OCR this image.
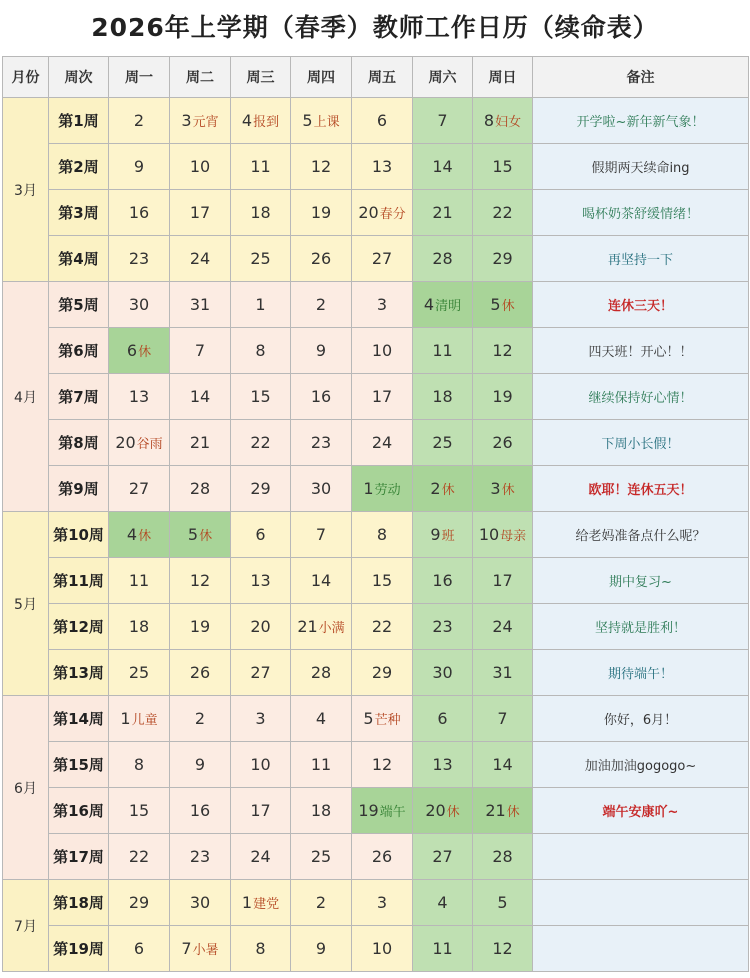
2026年上学期（春季）教师工作日历（续命表）
月份	周次	周一	周二	周三	周四	周五	周六	周日	备注
3月	第1周	2	3元宵	4报到	5上课	6	7	8妇女	开学啦~新年新气象！
	第2周	9	10	11	12	13	14	15	假期两天续命ing
	第3周	16	17	18	19	20春分	21	22	喝杯奶茶舒缓情绪！
	第4周	23	24	25	26	27	28	29	再坚持一下
4月	第5周	30	31	1	2	3	4清明	5休	连休三天！
	第6周	6休	7	8	9	10	11	12	四天班！开心！！
	第7周	13	14	15	16	17	18	19	继续保持好心情！
	第8周	20谷雨	21	22	23	24	25	26	下周小长假！
	第9周	27	28	29	30	1劳动	2休	3休	欧耶！连休五天！
5月	第10周	4休	5休	6	7	8	9班	10母亲	给老妈准备点什么呢？
	第11周	11	12	13	14	15	16	17	期中复习~
	第12周	18	19	20	21小满	22	23	24	坚持就是胜利！
	第13周	25	26	27	28	29	30	31	期待端午！
6月	第14周	1儿童	2	3	4	5芒种	6	7	你好，6月！
	第15周	8	9	10	11	12	13	14	加油加油gogogo~
	第16周	15	16	17	18	19端午	20休	21休	端午安康吖~
	第17周	22	23	24	25	26	27	28	
7月	第18周	29	30	1建党	2	3	4	5	
	第19周	6	7小暑	8	9	10	11	12	
